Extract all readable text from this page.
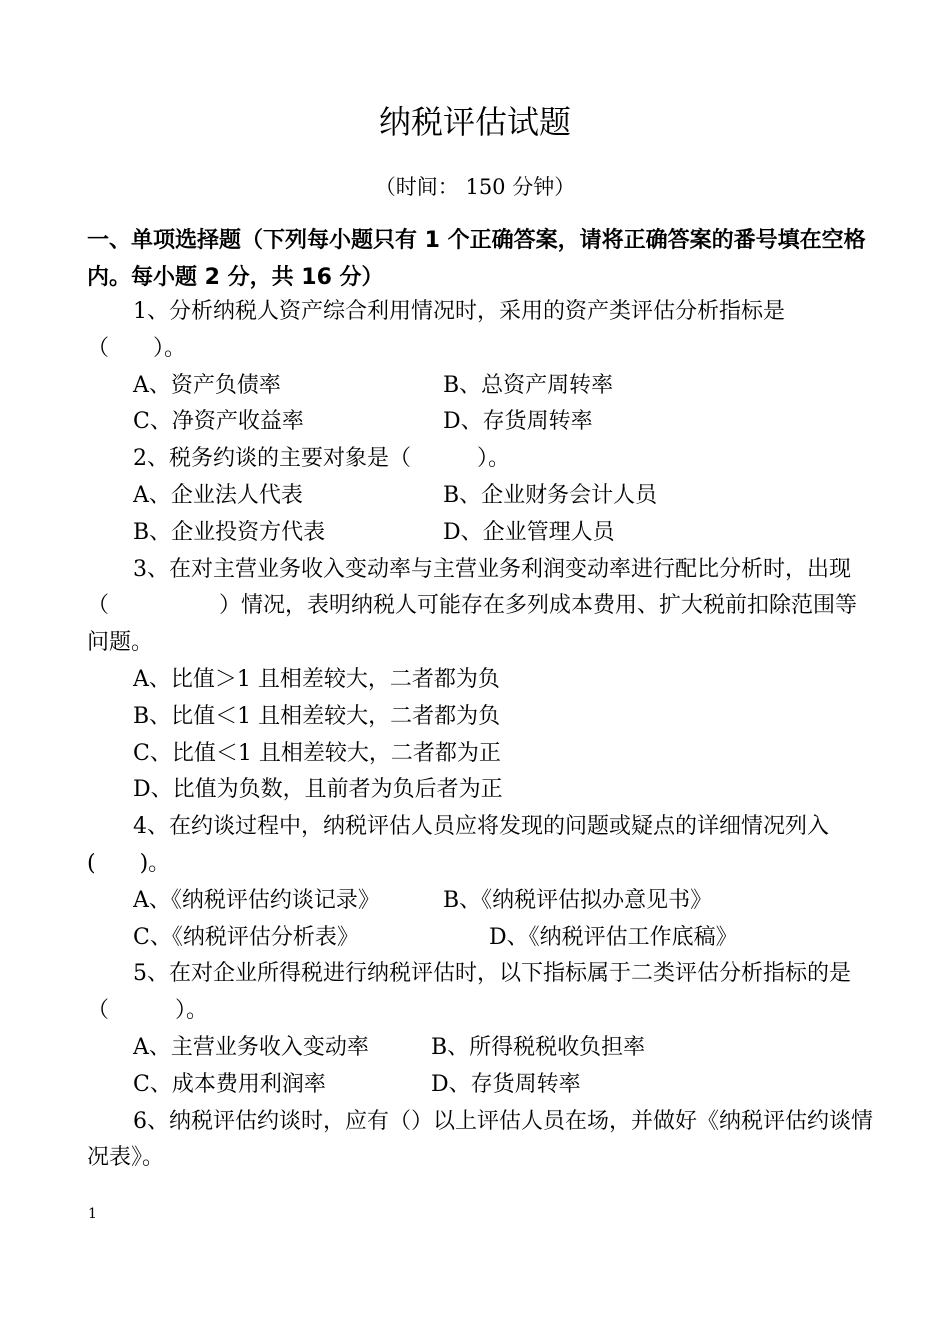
纳税评估试题
（时间： 150 分钟）
一、单项选择题（下列每小题只有 1 个正确答案，请将正确答案的番号填在空格内。每小题 2 分，共 16 分）

1、分析纳税人资产综合利用情况时，采用的资产类评估分析指标是（　　）。

A、资产负债率	B、总资产周转率
C、净资产收益率	D、存货周转率

2、税务约谈的主要对象是（　　　）。

A、企业法人代表	B、企业财务会计人员
B、企业投资方代表	D、企业管理人员

3、在对主营业务收入变动率与主营业务利润变动率进行配比分析时，出现（　　　　　）情况，表明纳税人可能存在多列成本费用、扩大税前扣除范围等问题。

A、比值＞1 且相差较大，二者都为负

B、比值＜1 且相差较大，二者都为负

C、比值＜1 且相差较大，二者都为正

D、比值为负数，且前者为负后者为正

4、在约谈过程中，纳税评估人员应将发现的问题或疑点的详细情况列入(　　)。

A、《纳税评估约谈记录》	B、《纳税评估拟办意见书》
C、《纳税评估分析表》	D、《纳税评估工作底稿》

5、在对企业所得税进行纳税评估时，以下指标属于二类评估分析指标的是（　　　）。

A、主营业务收入变动率	B、所得税税收负担率
C、成本费用利润率	D、存货周转率

6、纳税评估约谈时，应有（）以上评估人员在场，并做好《纳税评估约谈情况表》。

1
